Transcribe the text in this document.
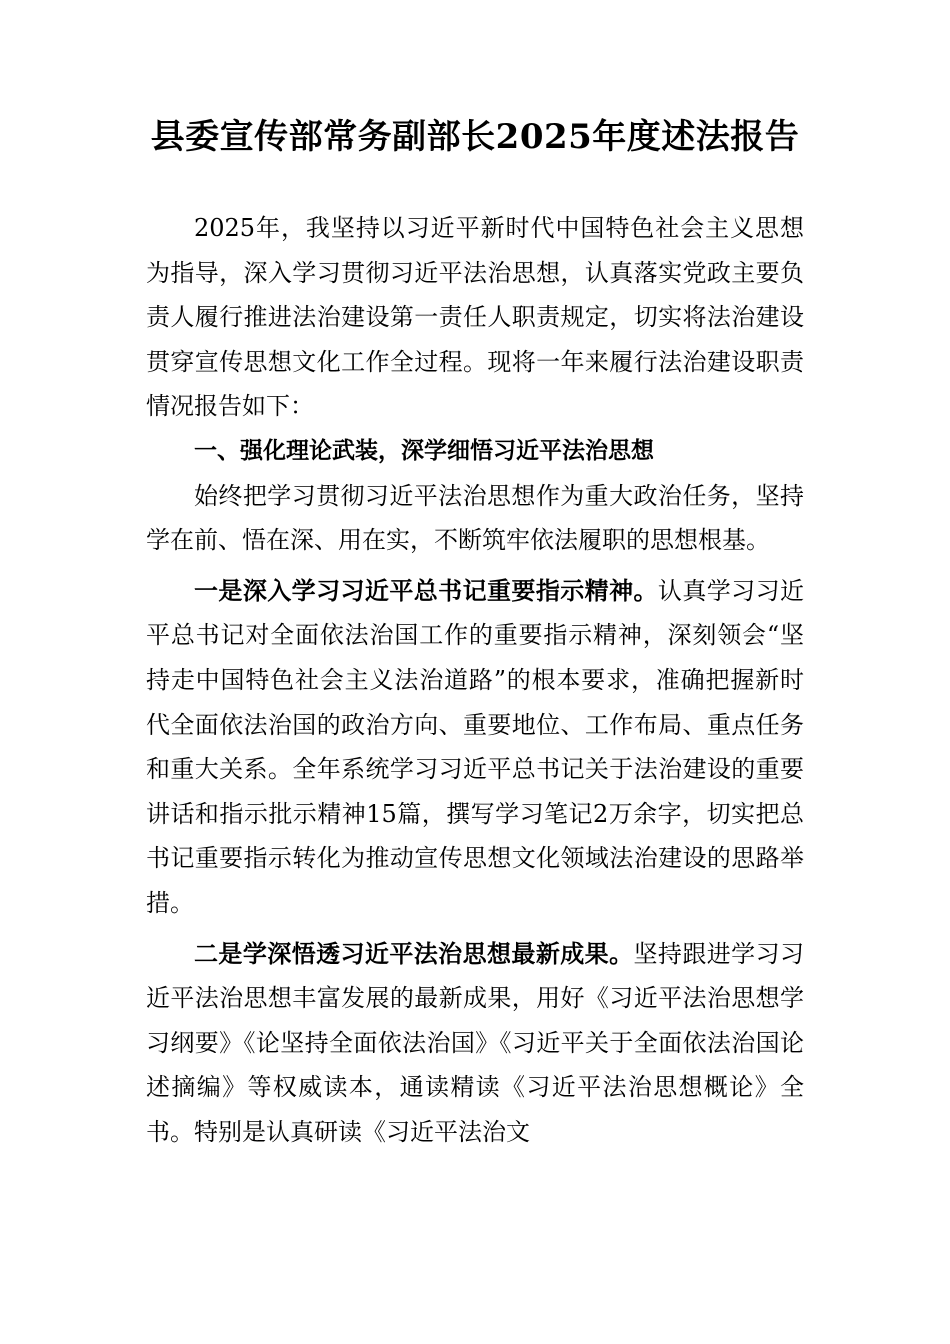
县委宣传部常务副部长2025年度述法报告

2025年，我坚持以习近平新时代中国特色社会主义思想为指导，深入学习贯彻习近平法治思想，认真落实党政主要负责人履行推进法治建设第一责任人职责规定，切实将法治建设贯穿宣传思想文化工作全过程。现将一年来履行法治建设职责情况报告如下：

一、强化理论武装，深学细悟习近平法治思想

始终把学习贯彻习近平法治思想作为重大政治任务，坚持学在前、悟在深、用在实，不断筑牢依法履职的思想根基。

一是深入学习习近平总书记重要指示精神。认真学习习近平总书记对全面依法治国工作的重要指示精神，深刻领会“坚持走中国特色社会主义法治道路”的根本要求，准确把握新时代全面依法治国的政治方向、重要地位、工作布局、重点任务和重大关系。全年系统学习习近平总书记关于法治建设的重要讲话和指示批示精神15篇，撰写学习笔记2万余字，切实把总书记重要指示转化为推动宣传思想文化领域法治建设的思路举措。

二是学深悟透习近平法治思想最新成果。坚持跟进学习习近平法治思想丰富发展的最新成果，用好《习近平法治思想学习纲要》《论坚持全面依法治国》《习近平关于全面依法治国论述摘编》等权威读本，通读精读《习近平法治思想概论》全书。特别是认真研读《习近平法治文
